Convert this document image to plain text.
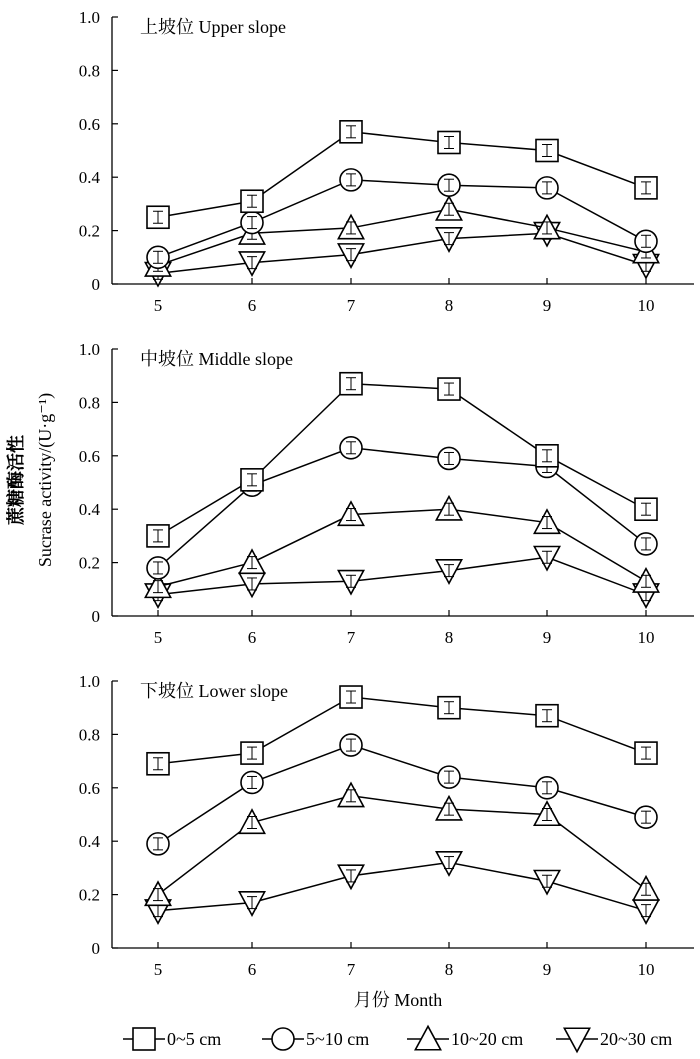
0
0.2
0.4
0.6
0.8
1.0
5	6	7	8	9	10
上坡位 Upper slope
0
0.2
0.4
0.6
0.8
1.0
5	6	7	8	9	10
中坡位 Middle slope
0
0.2
0.4
0.6
0.8
1.0
5	6	7	8	9	10
下坡位 Lower slope
蔗糖酶活性 Sucrase activity/(U·g⁻¹)
月份 Month
0~5 cm	5~10 cm	10~20 cm	20~30 cm
